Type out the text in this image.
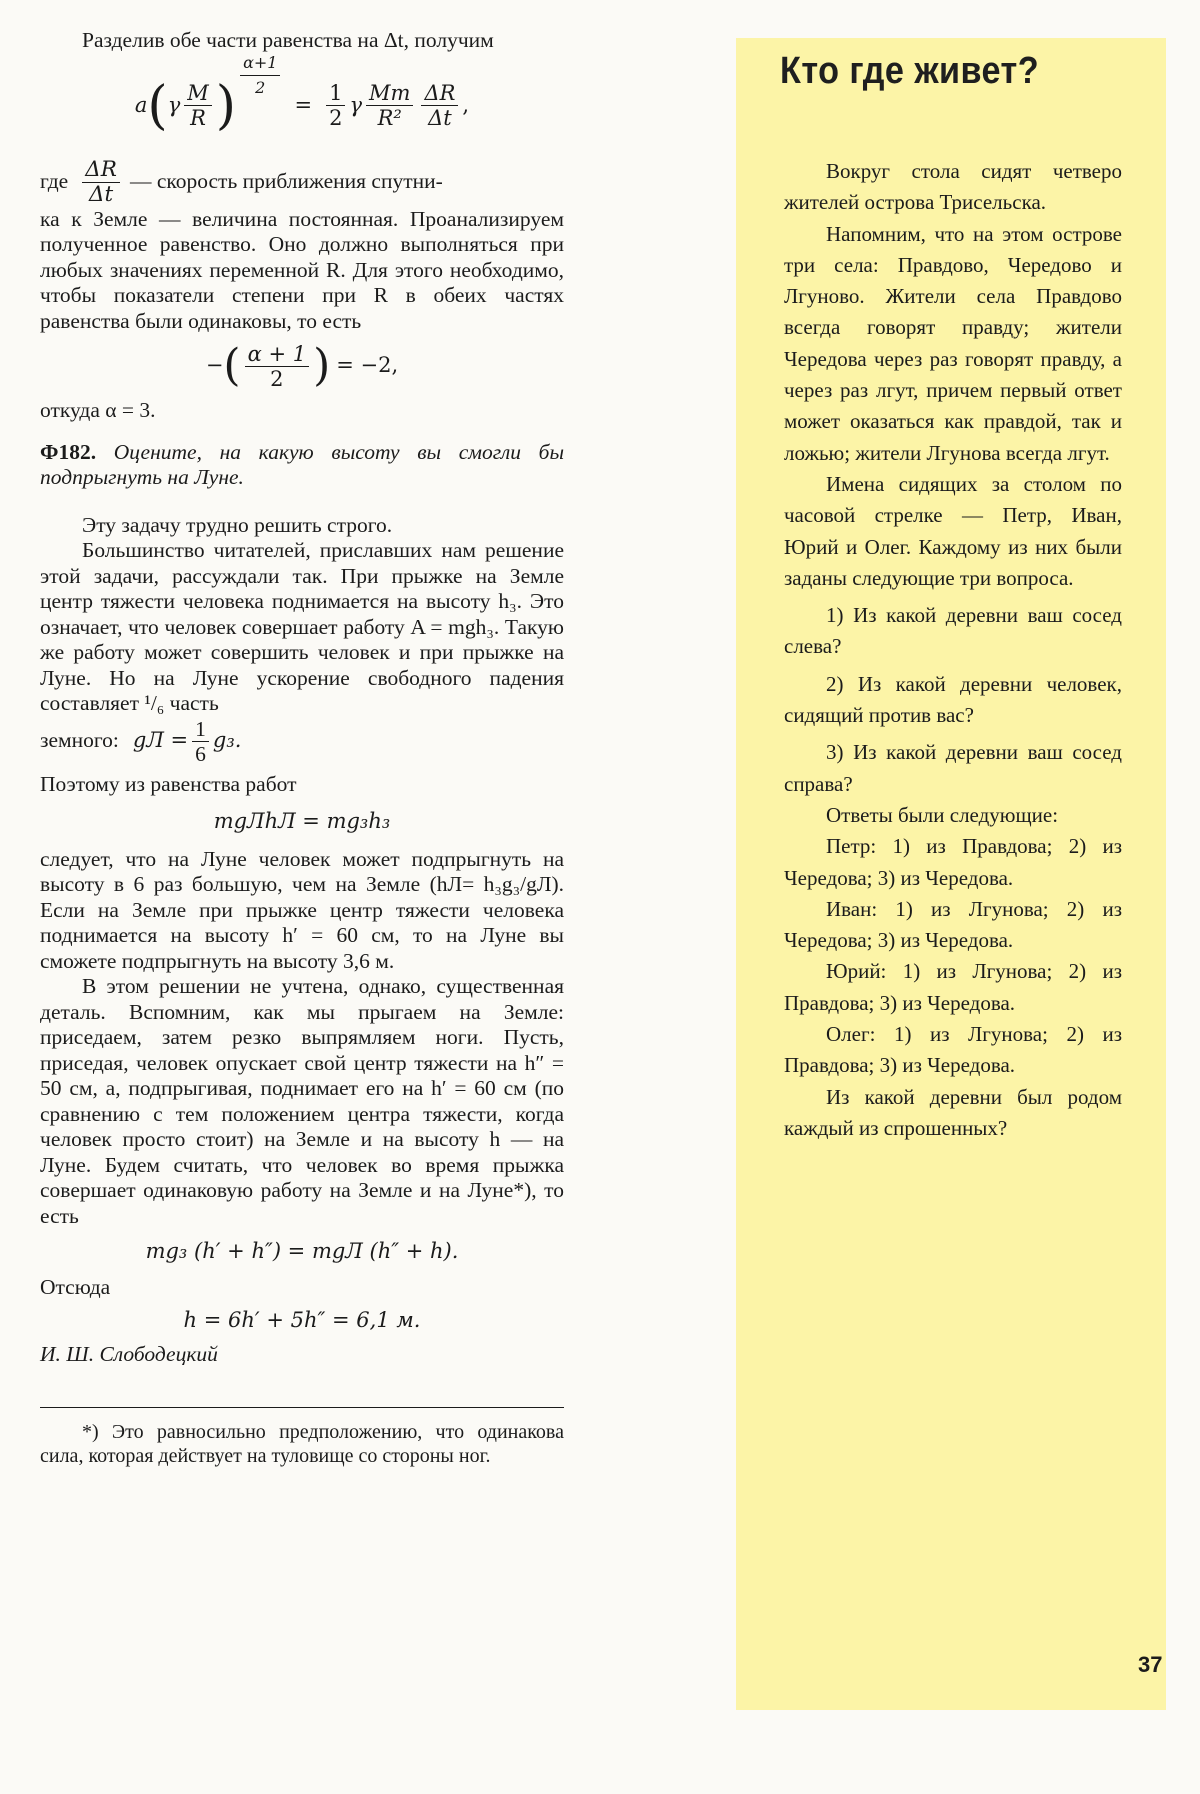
Разделив обе части равенства на Δt, получим

a ( γ $\frac{M}{R}$ ) $\frac{\alpha+1}{2}$
= $\frac{1}{2}$ γ $\frac{Mm}{\text{R²}} \frac{\Delta R}{\Delta t}$ ,

где $\frac{\Delta R}{\Delta t}$ — скорость приближения спутни-

ка к Земле — величина постоянная. Проанализируем полученное равенство. Оно должно выполняться при любых значениях переменной R. Для этого необходимо, чтобы показатели степени при R в обеих частях равенства были одинаковы, то есть

− ( $\frac{\alpha + 1}{2}$ ) = −2,

откуда α = 3.

Ф182. Оцените, на какую высоту вы смогли бы подпрыгнуть на Луне.

Эту задачу трудно решить строго.

Большинство читателей, приславших нам решение этой задачи, рассуждали так. При прыжке на Земле центр тяжести человека поднимается на высоту h₃. Это означает, что человек совершает работу A = mgh₃. Такую же работу может совершить человек и при прыжке на Луне. Но на Луне ускорение свободного падения составляет ¹/₆ часть

земного: gЛ = $\frac{1}{6} g_3$.

Поэтому из равенства работ

mgЛhЛ = mg₃h₃

следует, что на Луне человек может подпрыгнуть на высоту в 6 раз большую, чем на Земле (hЛ= h₃g₃/gЛ). Если на Земле при прыжке центр тяжести человека поднимается на высоту h′ = 60 см, то на Луне вы сможете подпрыгнуть на высоту 3,6 м.

В этом решении не учтена, однако, существенная деталь. Вспомним, как мы прыгаем на Земле: приседаем, затем резко выпрямляем ноги. Пусть, приседая, человек опускает свой центр тяжести на h″ = 50 см, а, подпрыгивая, поднимает его на h′ = 60 см (по сравнению с тем положением центра тяжести, когда человек просто стоит) на Земле и на высоту h — на Луне. Будем считать, что человек во время прыжка совершает одинаковую работу на Земле и на Луне*), то есть

mg₃ (h′ + h″) = mgЛ (h″ + h).

Отсюда

h = 6h′ + 5h″ = 6,1 м.

И. Ш. Слободецкий

*) Это равносильно предположению, что одинакова сила, которая действует на туловище со стороны ног.

Кто где живет?

Вокруг стола сидят четверо жителей острова Трисельска.

Напомним, что на этом острове три села: Правдово, Чередово и Лгуново. Жители села Правдово всегда говорят правду; жители Чередова через раз говорят правду, а через раз лгут, причем первый ответ может оказаться как правдой, так и ложью; жители Лгунова всегда лгут.

Имена сидящих за столом по часовой стрелке — Петр, Иван, Юрий и Олег. Каждому из них были заданы следующие три вопроса.

1) Из какой деревни ваш сосед слева?

2) Из какой деревни человек, сидящий против вас?

3) Из какой деревни ваш сосед справа?

Ответы были следующие:

Петр: 1) из Правдова; 2) из Чередова; 3) из Чередова.

Иван: 1) из Лгунова; 2) из Чередова; 3) из Чередова.

Юрий: 1) из Лгунова; 2) из Правдова; 3) из Чередова.

Олег: 1) из Лгунова; 2) из Правдова; 3) из Чередова.

Из какой деревни был родом каждый из спрошенных?

37
